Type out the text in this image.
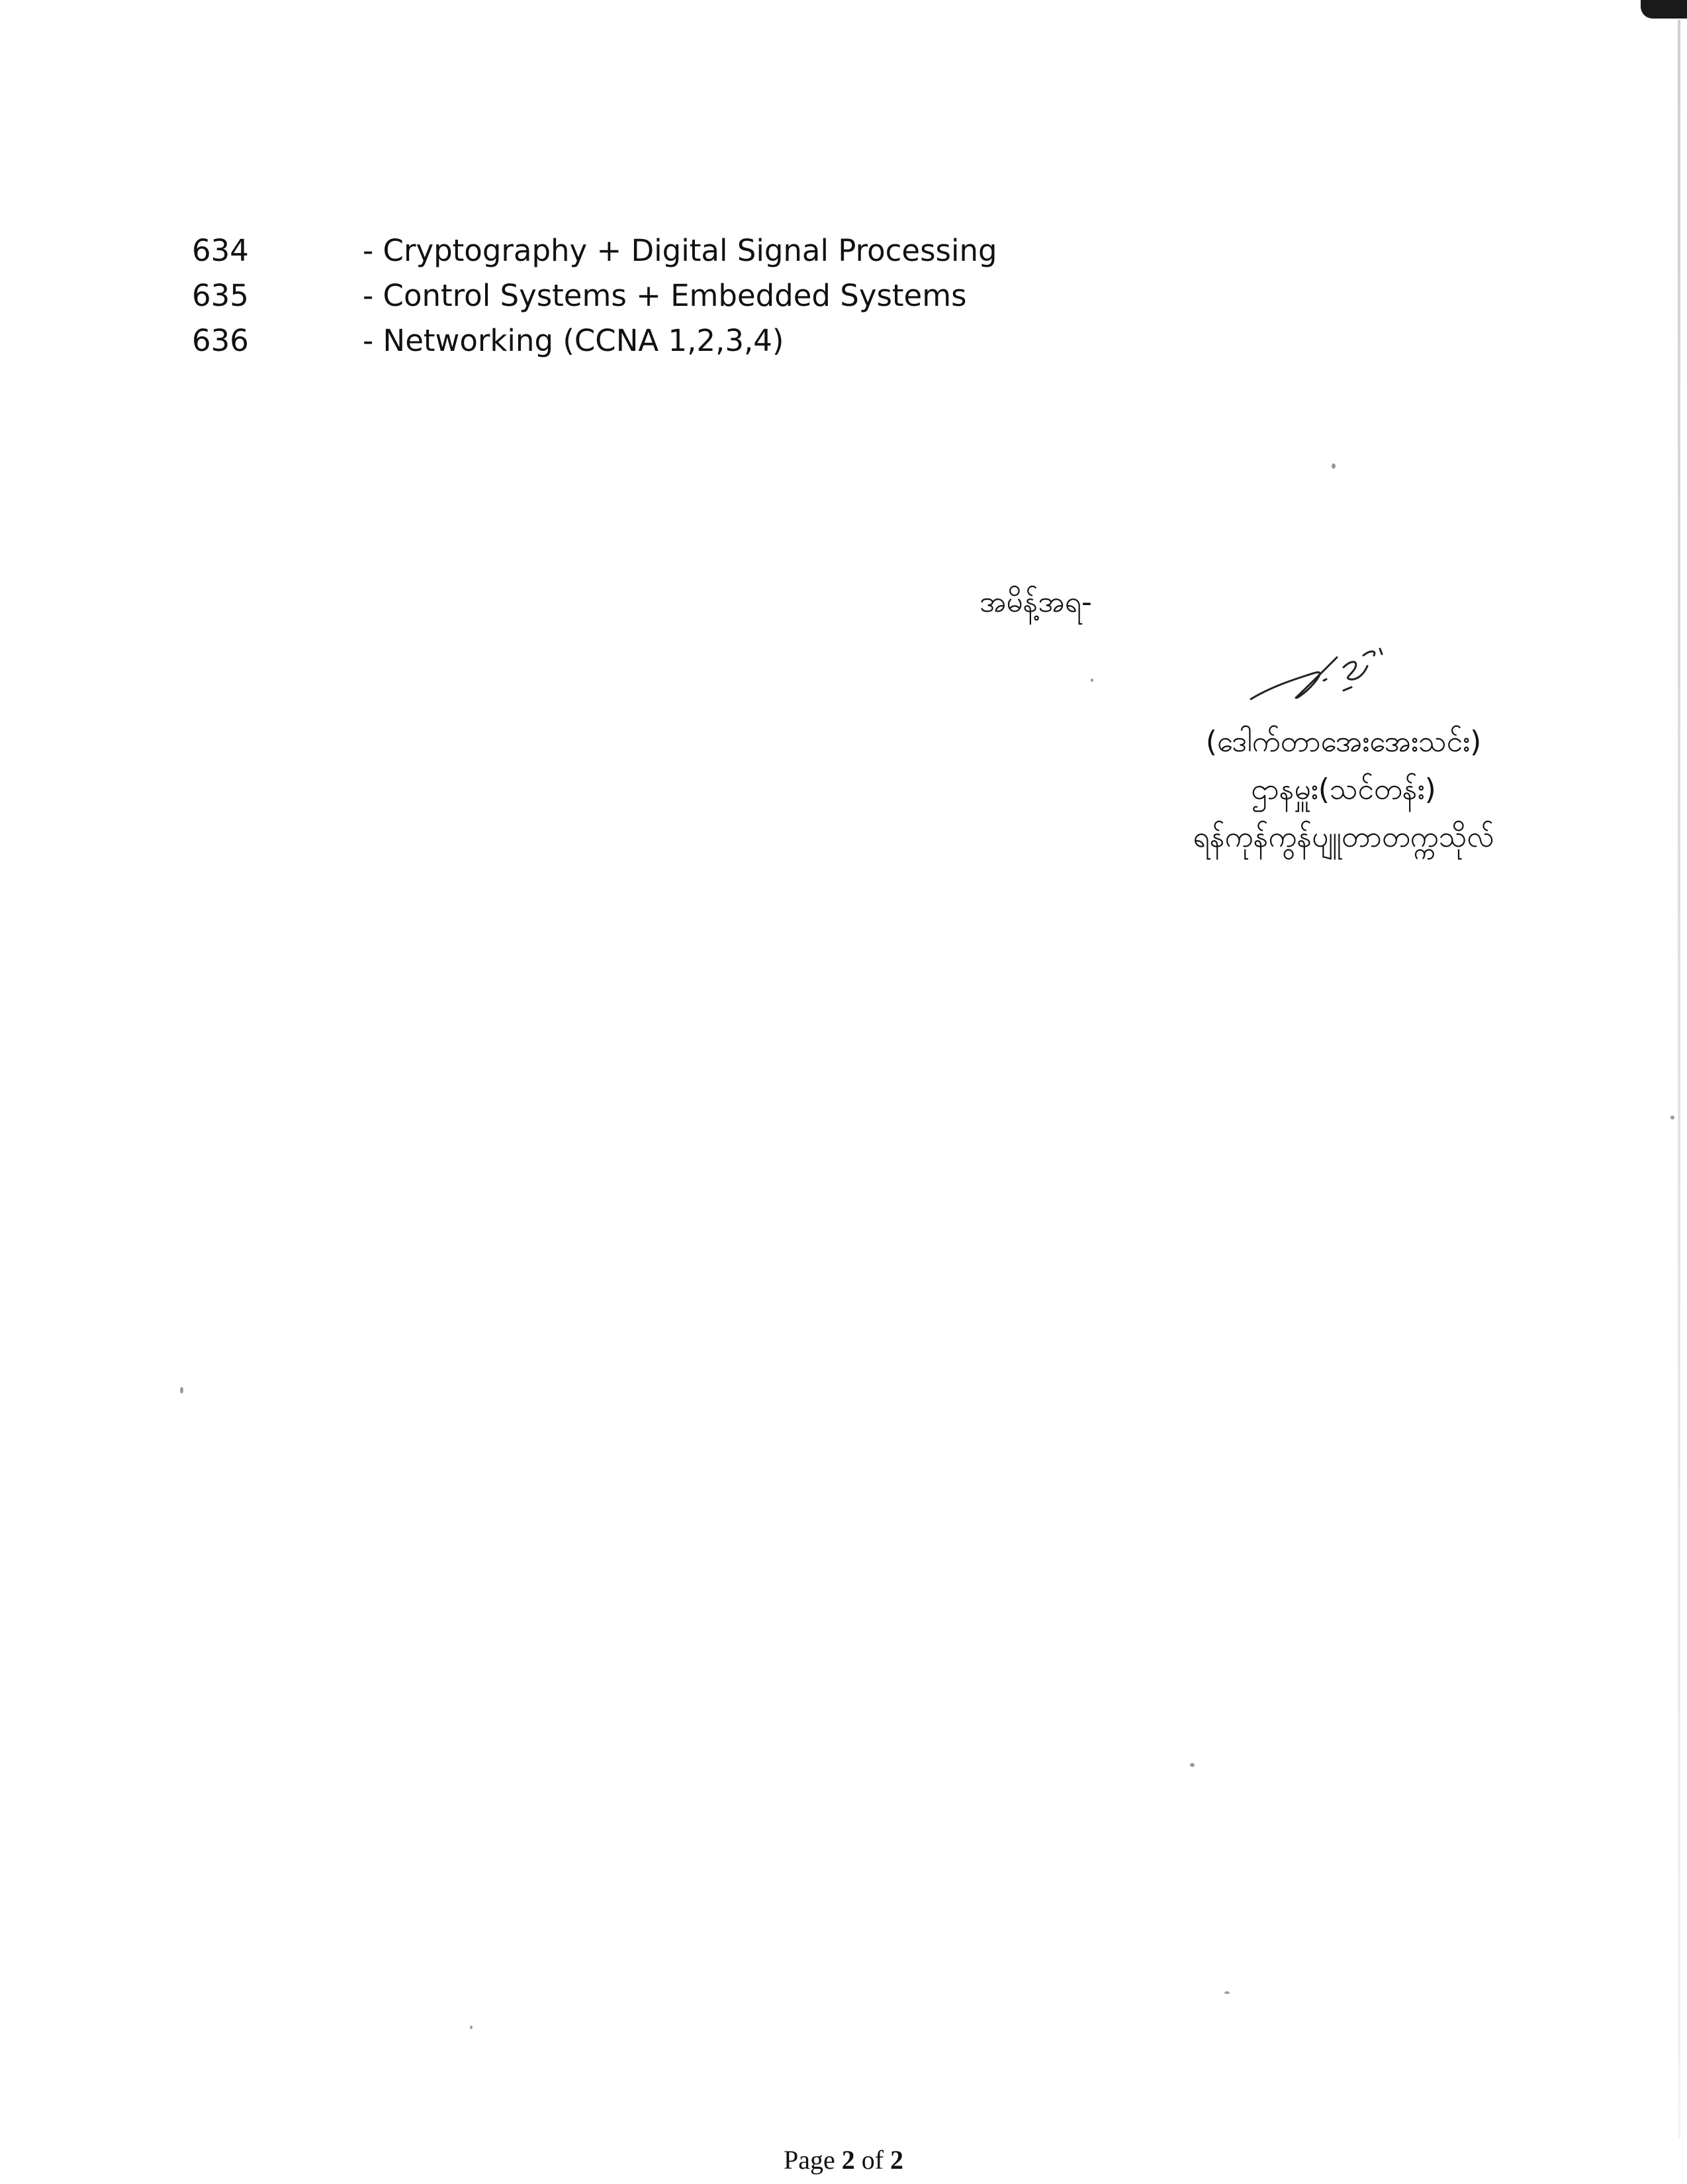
634	- Cryptography + Digital Signal Processing
635	- Control Systems + Embedded Systems
636	- Networking (CCNA 1,2,3,4)
အမိန့်အရ-
(ဒေါက်တာအေးအေးသင်း)
ဌာနမှူး(သင်တန်း)
ရန်ကုန်ကွန်ပျူတာတက္ကသိုလ်
Page 2 of 2
